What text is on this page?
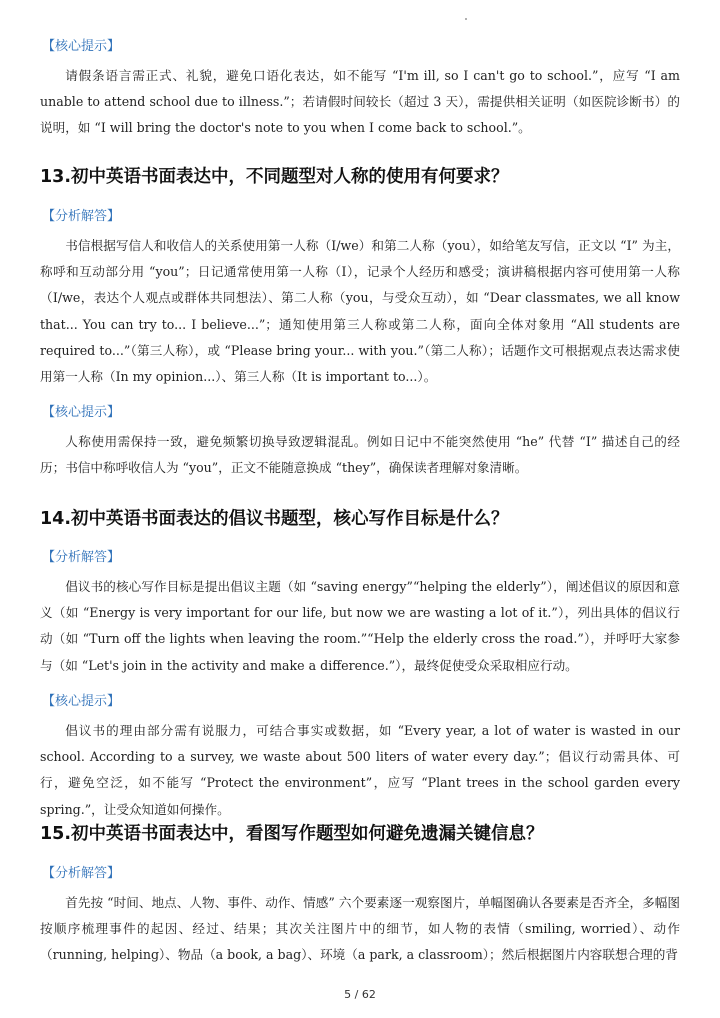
【核心提示】

请假条语言需正式、礼貌，避免口语化表达，如不能写 “I'm ill, so I can't go to school.”，应写 “I am unable to attend school due to illness.”；若请假时间较长（超过 3 天），需提供相关证明（如医院诊断书）的说明，如 “I will bring the doctor's note to you when I come back to school.”。

13.初中英语书面表达中，不同题型对人称的使用有何要求？
【分析解答】

书信根据写信人和收信人的关系使用第一人称（I/we）和第二人称（you），如给笔友写信，正文以 “I” 为主，称呼和互动部分用 “you”；日记通常使用第一人称（I），记录个人经历和感受；演讲稿根据内容可使用第一人称（I/we，表达个人观点或群体共同想法）、第二人称（you，与受众互动），如 “Dear classmates, we all know that... You can try to... I believe...”；通知使用第三人称或第二人称，面向全体对象用 “All students are required to...”（第三人称），或 “Please bring your... with you.”（第二人称）；话题作文可根据观点表达需求使用第一人称（In my opinion...）、第三人称（It is important to...）。

【核心提示】

人称使用需保持一致，避免频繁切换导致逻辑混乱。例如日记中不能突然使用 “he” 代替 “I” 描述自己的经历；书信中称呼收信人为 “you”，正文不能随意换成 “they”，确保读者理解对象清晰。

14.初中英语书面表达的倡议书题型，核心写作目标是什么？
【分析解答】

倡议书的核心写作目标是提出倡议主题（如 “saving energy”“helping the elderly”），阐述倡议的原因和意义（如 “Energy is very important for our life, but now we are wasting a lot of it.”），列出具体的倡议行动（如 “Turn off the lights when leaving the room.”“Help the elderly cross the road.”），并呼吁大家参与（如 “Let's join in the activity and make a difference.”），最终促使受众采取相应行动。

【核心提示】

倡议书的理由部分需有说服力，可结合事实或数据，如 “Every year, a lot of water is wasted in our school. According to a survey, we waste about 500 liters of water every day.”；倡议行动需具体、可行，避免空泛，如不能写 “Protect the environment”，应写 “Plant trees in the school garden every spring.”，让受众知道如何操作。

15.初中英语书面表达中，看图写作题型如何避免遗漏关键信息？
【分析解答】

首先按 “时间、地点、人物、事件、动作、情感” 六个要素逐一观察图片，单幅图确认各要素是否齐全，多幅图按顺序梳理事件的起因、经过、结果；其次关注图片中的细节，如人物的表情（smiling, worried）、动作（running, helping）、物品（a book, a bag）、环境（a park, a classroom）；然后根据图片内容联想合理的背

5 / 62
